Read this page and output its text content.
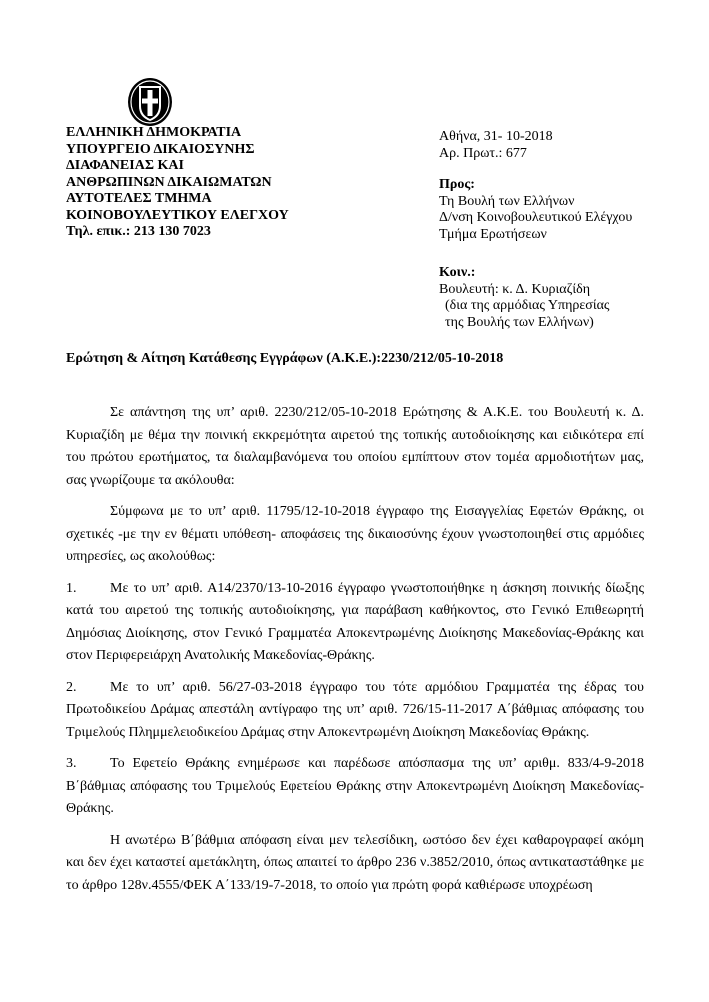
ΕΛΛΗΝΙΚΗ ΔΗΜΟΚΡΑΤΙΑ
ΥΠΟΥΡΓΕΙΟ ΔΙΚΑΙΟΣΥΝΗΣ
ΔΙΑΦΑΝΕΙΑΣ ΚΑΙ
ΑΝΘΡΩΠΙΝΩΝ ΔΙΚΑΙΩΜΑΤΩΝ
ΑΥΤΟΤΕΛΕΣ ΤΜΗΜΑ
ΚΟΙΝΟΒΟΥΛΕΥΤΙΚΟΥ ΕΛΕΓΧΟΥ
Τηλ. επικ.: 213 130 7023
Αθήνα, 31- 10-2018
Αρ. Πρωτ.: 677
Προς:
Τη Βουλή των Ελλήνων
Δ/νση Κοινοβουλευτικού Ελέγχου
Τμήμα Ερωτήσεων
Κοιν.:
Βουλευτή: κ. Δ. Κυριαζίδη
(δια της αρμόδιας Υπηρεσίας
της Βουλής των Ελλήνων)
Ερώτηση & Αίτηση Κατάθεσης Εγγράφων (Α.Κ.Ε.):2230/212/05-10-2018

Σε απάντηση της υπ’ αριθ. 2230/212/05-10-2018 Ερώτησης & Α.Κ.Ε. του Βουλευτή κ. Δ. Κυριαζίδη με θέμα την ποινική εκκρεμότητα αιρετού της τοπικής αυτοδιοίκησης και ειδικότερα επί του πρώτου ερωτήματος, τα διαλαμβανόμενα του οποίου εμπίπτουν στον τομέα αρμοδιοτήτων μας, σας γνωρίζουμε τα ακόλουθα:

Σύμφωνα με το υπ’ αριθ. 11795/12-10-2018 έγγραφο της Εισαγγελίας Εφετών Θράκης, οι σχετικές -με την εν θέματι υπόθεση- αποφάσεις της δικαιοσύνης έχουν γνωστοποιηθεί στις αρμόδιες υπηρεσίες, ως ακολούθως:

1. Με το υπ’ αριθ. Α14/2370/13-10-2016 έγγραφο γνωστοποιήθηκε η άσκηση ποινικής δίωξης κατά του αιρετού της τοπικής αυτοδιοίκησης, για παράβαση καθήκοντος, στο Γενικό Επιθεωρητή Δημόσιας Διοίκησης, στον Γενικό Γραμματέα Αποκεντρωμένης Διοίκησης Μακεδονίας-Θράκης και στον Περιφερειάρχη Ανατολικής Μακεδονίας-Θράκης.

2. Με το υπ’ αριθ. 56/27-03-2018 έγγραφο του τότε αρμόδιου Γραμματέα της έδρας του Πρωτοδικείου Δράμας απεστάλη αντίγραφο της υπ’ αριθ. 726/15-11-2017 Α΄βάθμιας απόφασης του Τριμελούς Πλημμελειοδικείου Δράμας στην Αποκεντρωμένη Διοίκηση Μακεδονίας Θράκης.

3. Το Εφετείο Θράκης ενημέρωσε και παρέδωσε απόσπασμα της υπ’ αριθμ. 833/4-9-2018 Β΄βάθμιας απόφασης του Τριμελούς Εφετείου Θράκης στην Αποκεντρωμένη Διοίκηση Μακεδονίας-Θράκης.

Η ανωτέρω Β΄βάθμια απόφαση είναι μεν τελεσίδικη, ωστόσο δεν έχει καθαρογραφεί ακόμη και δεν έχει καταστεί αμετάκλητη, όπως απαιτεί το άρθρο 236 ν.3852/2010, όπως αντικαταστάθηκε με το άρθρο 128ν.4555/ΦΕΚ Α΄133/19-7-2018, το οποίο για πρώτη φορά καθιέρωσε υποχρέωση
